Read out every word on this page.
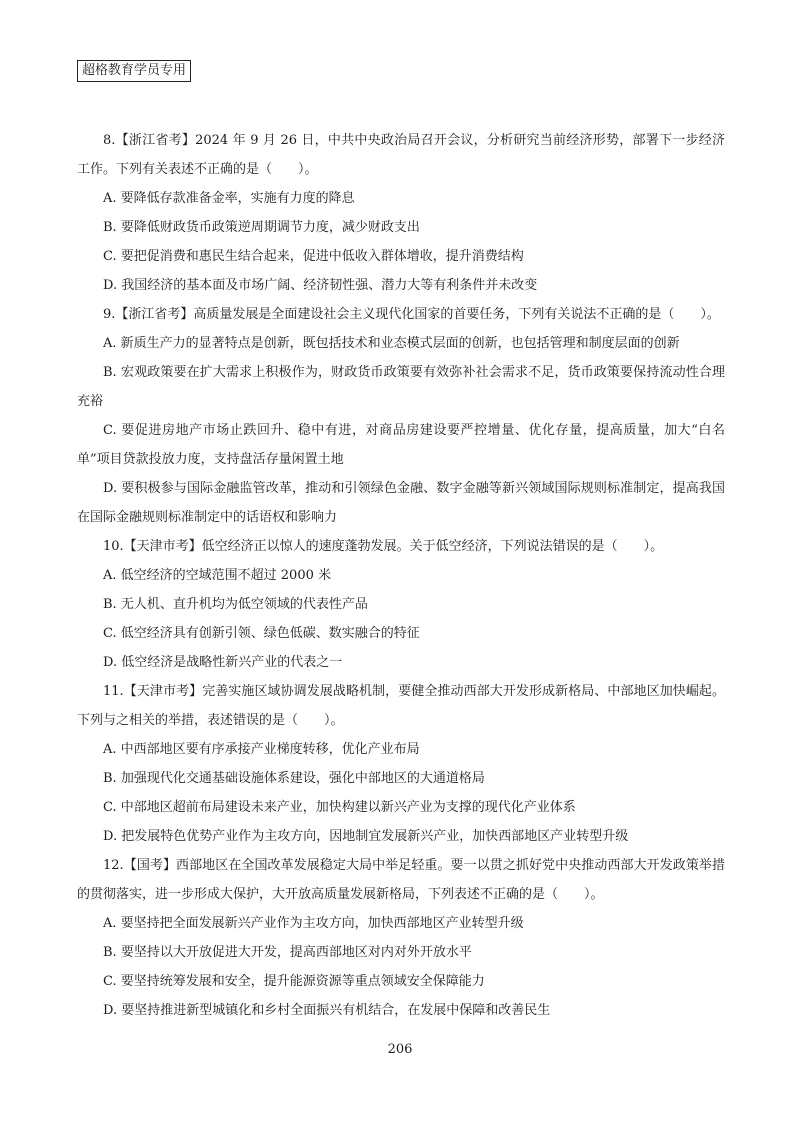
超格教育学员专用

8.【浙江省考】2024 年 9 月 26 日，中共中央政治局召开会议，分析研究当前经济形势，部署下一步经济工作。下列有关表述不正确的是（　　）。

A. 要降低存款准备金率，实施有力度的降息

B. 要降低财政货币政策逆周期调节力度，减少财政支出

C. 要把促消费和惠民生结合起来，促进中低收入群体增收，提升消费结构

D. 我国经济的基本面及市场广阔、经济韧性强、潜力大等有利条件并未改变

9.【浙江省考】高质量发展是全面建设社会主义现代化国家的首要任务，下列有关说法不正确的是（　　）。

A. 新质生产力的显著特点是创新，既包括技术和业态模式层面的创新，也包括管理和制度层面的创新

B. 宏观政策要在扩大需求上积极作为，财政货币政策要有效弥补社会需求不足，货币政策要保持流动性合理充裕

C. 要促进房地产市场止跌回升、稳中有进，对商品房建设要严控增量、优化存量，提高质量，加大“白名单”项目贷款投放力度，支持盘活存量闲置土地

D. 要积极参与国际金融监管改革，推动和引领绿色金融、数字金融等新兴领域国际规则标准制定，提高我国在国际金融规则标准制定中的话语权和影响力

10.【天津市考】低空经济正以惊人的速度蓬勃发展。关于低空经济，下列说法错误的是（　　）。

A. 低空经济的空域范围不超过 2000 米

B. 无人机、直升机均为低空领域的代表性产品

C. 低空经济具有创新引领、绿色低碳、数实融合的特征

D. 低空经济是战略性新兴产业的代表之一

11.【天津市考】完善实施区域协调发展战略机制，要健全推动西部大开发形成新格局、中部地区加快崛起。下列与之相关的举措，表述错误的是（　　）。

A. 中西部地区要有序承接产业梯度转移，优化产业布局

B. 加强现代化交通基础设施体系建设，强化中部地区的大通道格局

C. 中部地区超前布局建设未来产业，加快构建以新兴产业为支撑的现代化产业体系

D. 把发展特色优势产业作为主攻方向，因地制宜发展新兴产业，加快西部地区产业转型升级

12.【国考】西部地区在全国改革发展稳定大局中举足轻重。要一以贯之抓好党中央推动西部大开发政策举措的贯彻落实，进一步形成大保护，大开放高质量发展新格局，下列表述不正确的是（　　）。

A. 要坚持把全面发展新兴产业作为主攻方向，加快西部地区产业转型升级

B. 要坚持以大开放促进大开发，提高西部地区对内对外开放水平

C. 要坚持统筹发展和安全，提升能源资源等重点领域安全保障能力

D. 要坚持推进新型城镇化和乡村全面振兴有机结合，在发展中保障和改善民生

206
